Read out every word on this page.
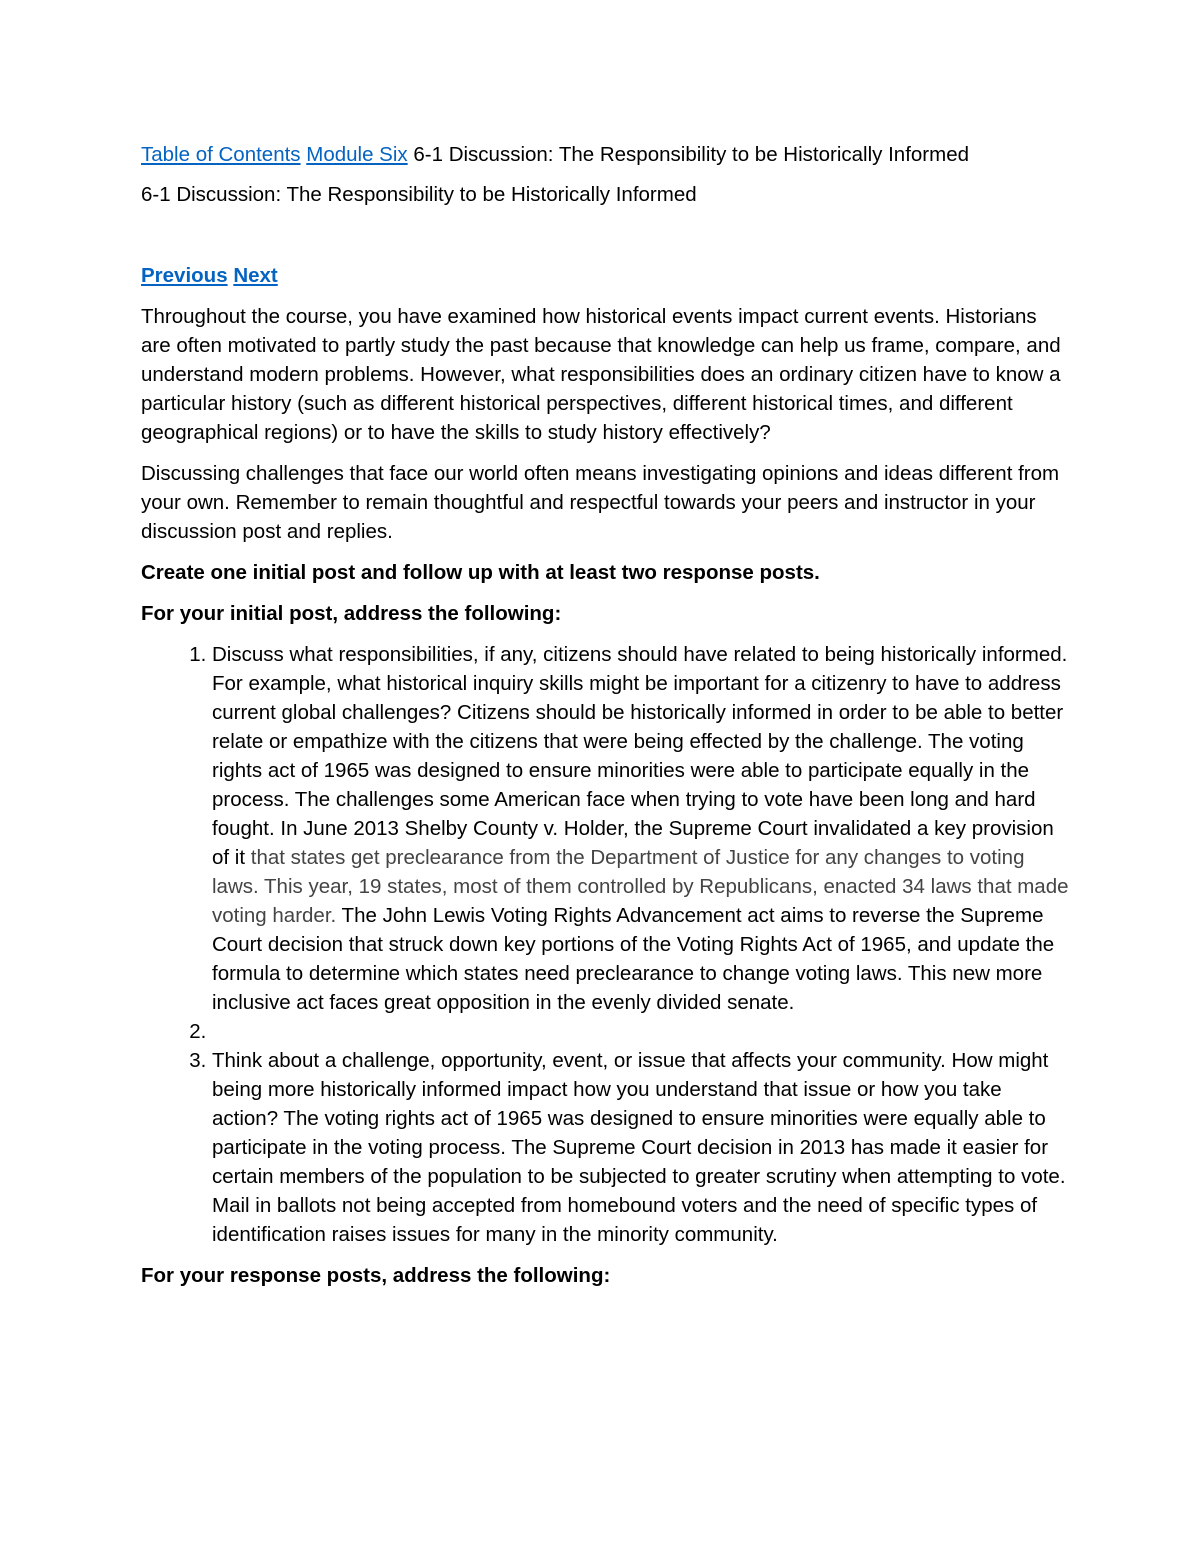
Table of Contents Module Six 6-1 Discussion: The Responsibility to be Historically Informed

6-1 Discussion: The Responsibility to be Historically Informed

Previous Next

Throughout the course, you have examined how historical events impact current events. Historians are often motivated to partly study the past because that knowledge can help us frame, compare, and understand modern problems. However, what responsibilities does an ordinary citizen have to know a particular history (such as different historical perspectives, different historical times, and different geographical regions) or to have the skills to study history effectively?

Discussing challenges that face our world often means investigating opinions and ideas different from your own. Remember to remain thoughtful and respectful towards your peers and instructor in your discussion post and replies.

Create one initial post and follow up with at least two response posts.

For your initial post, address the following:

1. Discuss what responsibilities, if any, citizens should have related to being historically informed. For example, what historical inquiry skills might be important for a citizenry to have to address current global challenges? Citizens should be historically informed in order to be able to better relate or empathize with the citizens that were being effected by the challenge. The voting rights act of 1965 was designed to ensure minorities were able to participate equally in the process. The challenges some American face when trying to vote have been long and hard fought. In June 2013 Shelby County v. Holder, the Supreme Court invalidated a key provision of it that states get preclearance from the Department of Justice for any changes to voting laws. This year, 19 states, most of them controlled by Republicans, enacted 34 laws that made voting harder. The John Lewis Voting Rights Advancement act aims to reverse the Supreme Court decision that struck down key portions of the Voting Rights Act of 1965, and update the formula to determine which states need preclearance to change voting laws. This new more inclusive act faces great opposition in the evenly divided senate.
2.
3. Think about a challenge, opportunity, event, or issue that affects your community. How might being more historically informed impact how you understand that issue or how you take action? The voting rights act of 1965 was designed to ensure minorities were equally able to participate in the voting process. The Supreme Court decision in 2013 has made it easier for certain members of the population to be subjected to greater scrutiny when attempting to vote. Mail in ballots not being accepted from homebound voters and the need of specific types of identification raises issues for many in the minority community.

For your response posts, address the following:
